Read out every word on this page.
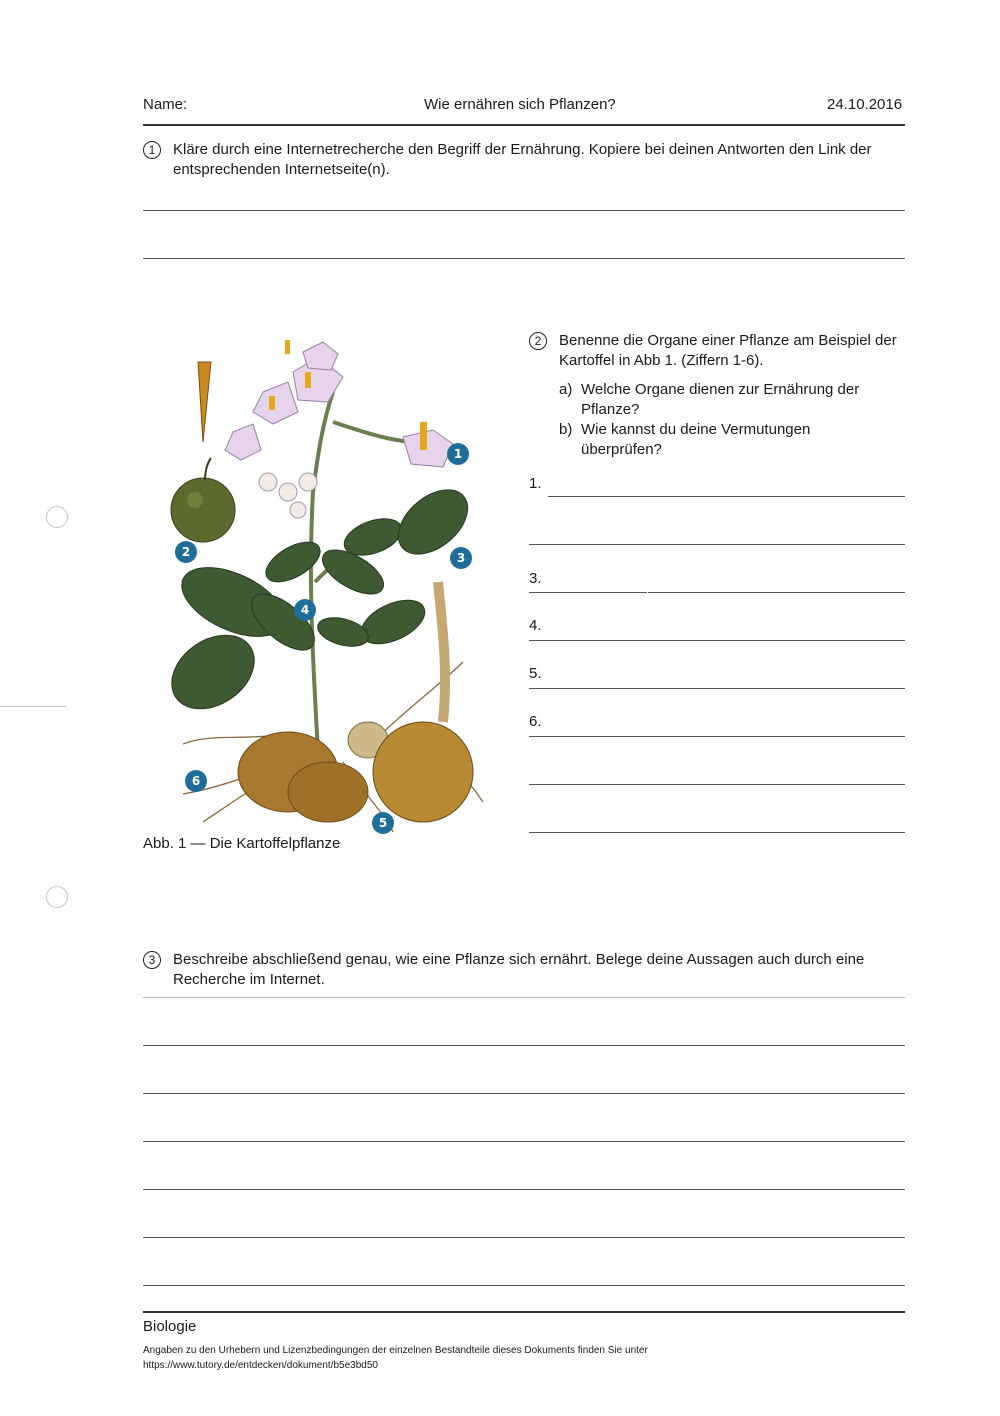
Name:	Wie ernähren sich Pflanzen?	24.10.2016
1	Kläre durch eine Internetrecherche den Begriff der Ernährung. Kopiere bei deinen Antworten den Link der entsprechenden Internetseite(n).
1
2	3
4
5
6
Abb. 1 — Die Kartoffelpflanze
2	Benenne die Organe einer Pflanze am Beispiel der Kartoffel in Abb 1. (Ziffern 1-6).
a) Welche Organe dienen zur Ernährung der Pflanze?
b) Wie kannst du deine Vermutungen überprüfen?
1.
3.
4.
5.
6.
3	Beschreibe abschließend genau, wie eine Pflanze sich ernährt. Belege deine Aussagen auch durch eine Recherche im Internet.
Biologie
Angaben zu den Urhebern und Lizenzbedingungen der einzelnen Bestandteile dieses Dokuments finden Sie unter
https://www.tutory.de/entdecken/dokument/b5e3bd50
